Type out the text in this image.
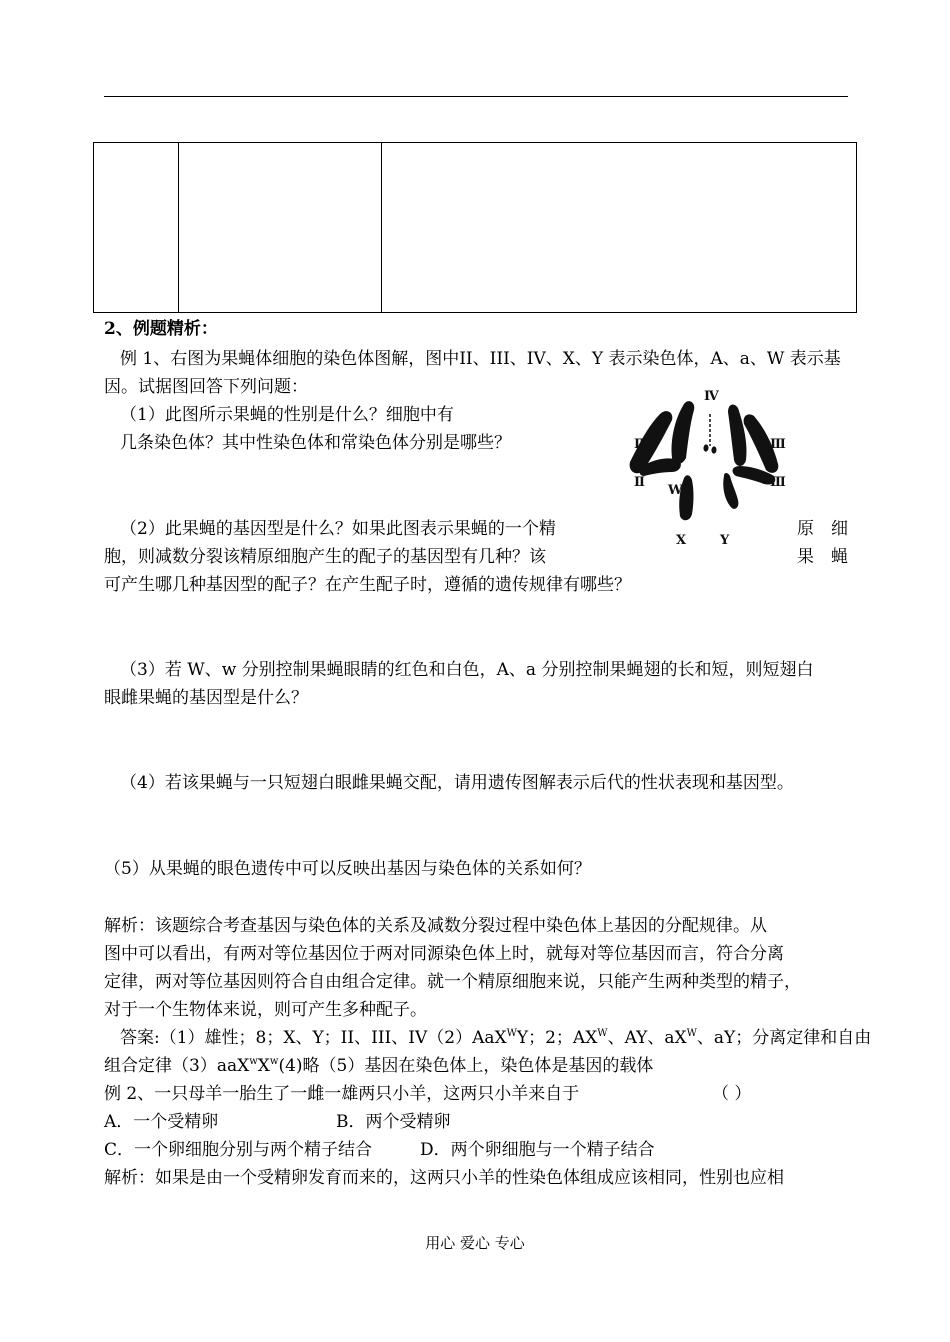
2、例题精析：
例 1、右图为果蝇体细胞的染色体图解，图中II、III、IV、X、Y 表示染色体，A、a、W 表示基
因。试据图回答下列问题：
（1）此图所示果蝇的性别是什么？细胞中有
几条染色体？其中性染色体和常染色体分别是哪些？
Ⅳ
A
Ⅱ
Ⅱ
Ⅲ
Ⅲ
W
X	Y
（2）此果蝇的基因型是什么？如果此图表示果蝇的一个精	原 细
胞，则减数分裂该精原细胞产生的配子的基因型有几种？该	果 蝇
可产生哪几种基因型的配子？在产生配子时，遵循的遗传规律有哪些？
（3）若 W、w 分别控制果蝇眼睛的红色和白色，A、a 分别控制果蝇翅的长和短，则短翅白
眼雌果蝇的基因型是什么？
（4）若该果蝇与一只短翅白眼雌果蝇交配，请用遗传图解表示后代的性状表现和基因型。
（5）从果蝇的眼色遗传中可以反映出基因与染色体的关系如何？
解析：该题综合考查基因与染色体的关系及减数分裂过程中染色体上基因的分配规律。从
图中可以看出，有两对等位基因位于两对同源染色体上时，就每对等位基因而言，符合分离
定律，两对等位基因则符合自由组合定律。就一个精原细胞来说，只能产生两种类型的精子，
对于一个生物体来说，则可产生多种配子。
答案:（1）雄性；8；X、Y；II、III、IV（2）AaX$^W$Y；2；$AX^W$、AY、$aX^W$、aY；分离定律和自由
组合定律$(3)aaX^wX^w(4)$略（5）基因在染色体上，染色体是基因的载体
例 2、一只母羊一胎生了一雌一雄两只小羊，这两只小羊来自于	（ ）
A．一个受精卵	B．两个受精卵
C．一个卵细胞分别与两个精子结合	D．两个卵细胞与一个精子结合
解析：如果是由一个受精卵发育而来的，这两只小羊的性染色体组成应该相同，性别也应相
用心 爱心 专心
